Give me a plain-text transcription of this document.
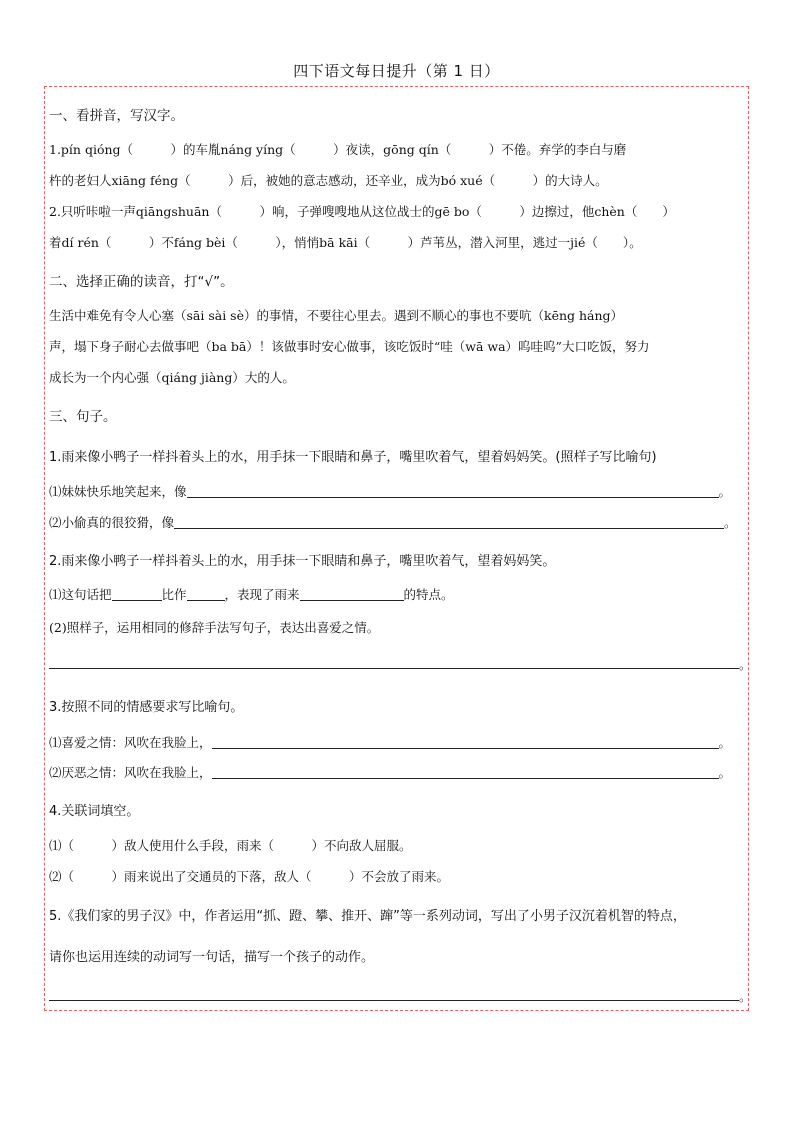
四下语文每日提升（第 1 日）
一、看拼音，写汉字。
1.pín qióng（　　　）的车胤náng yíng（　　　）夜读，gōng qín（　　　）不倦。弃学的李白与磨
杵的老妇人xiāng féng（　　　）后，被她的意志感动，还辛业，成为bó xué（　　　）的大诗人。
2.只听咔啦一声qiāngshuān（　　　）响，子弹嗖嗖地从这位战士的gē bo（　　　）边擦过，他chèn（　　）
着dí rén（　　　）不fáng bèi（　　　），悄悄bā kāi（　　　）芦苇丛，潜入河里，逃过一jié（　　）。
二、选择正确的读音，打“√”。
生活中难免有令人心塞（sāi sài sè）的事情，不要往心里去。遇到不顺心的事也不要吭（kēng háng）
声，塌下身子耐心去做事吧（ba bā）！该做事时安心做事，该吃饭时“哇（wā wa）呜哇呜”大口吃饭，努力
成长为一个内心强（qiáng jiàng）大的人。
三、句子。
1.雨来像小鸭子一样抖着头上的水，用手抹一下眼睛和鼻子，嘴里吹着气，望着妈妈笑。(照样子写比喻句)
⑴妹妹快乐地笑起来，像	。
⑵小偷真的很狡猾，像	。
2.雨来像小鸭子一样抖着头上的水，用手抹一下眼睛和鼻子，嘴里吹着气，望着妈妈笑。
⑴这句话把	比作	，表现了雨来	的特点。
(2)照样子，运用相同的修辞手法写句子，表达出喜爱之情。
。
3.按照不同的情感要求写比喻句。
⑴喜爱之情：风吹在我脸上，	。
⑵厌恶之情：风吹在我脸上，	。
4.关联词填空。
⑴（　　　）敌人使用什么手段，雨来（　　　）不向敌人屈服。
⑵（　　　）雨来说出了交通员的下落，敌人（　　　）不会放了雨来。
5.《我们家的男子汉》中，作者运用“抓、蹬、攀、推开、蹿”等一系列动词，写出了小男子汉沉着机智的特点，
请你也运用连续的动词写一句话，描写一个孩子的动作。
。
